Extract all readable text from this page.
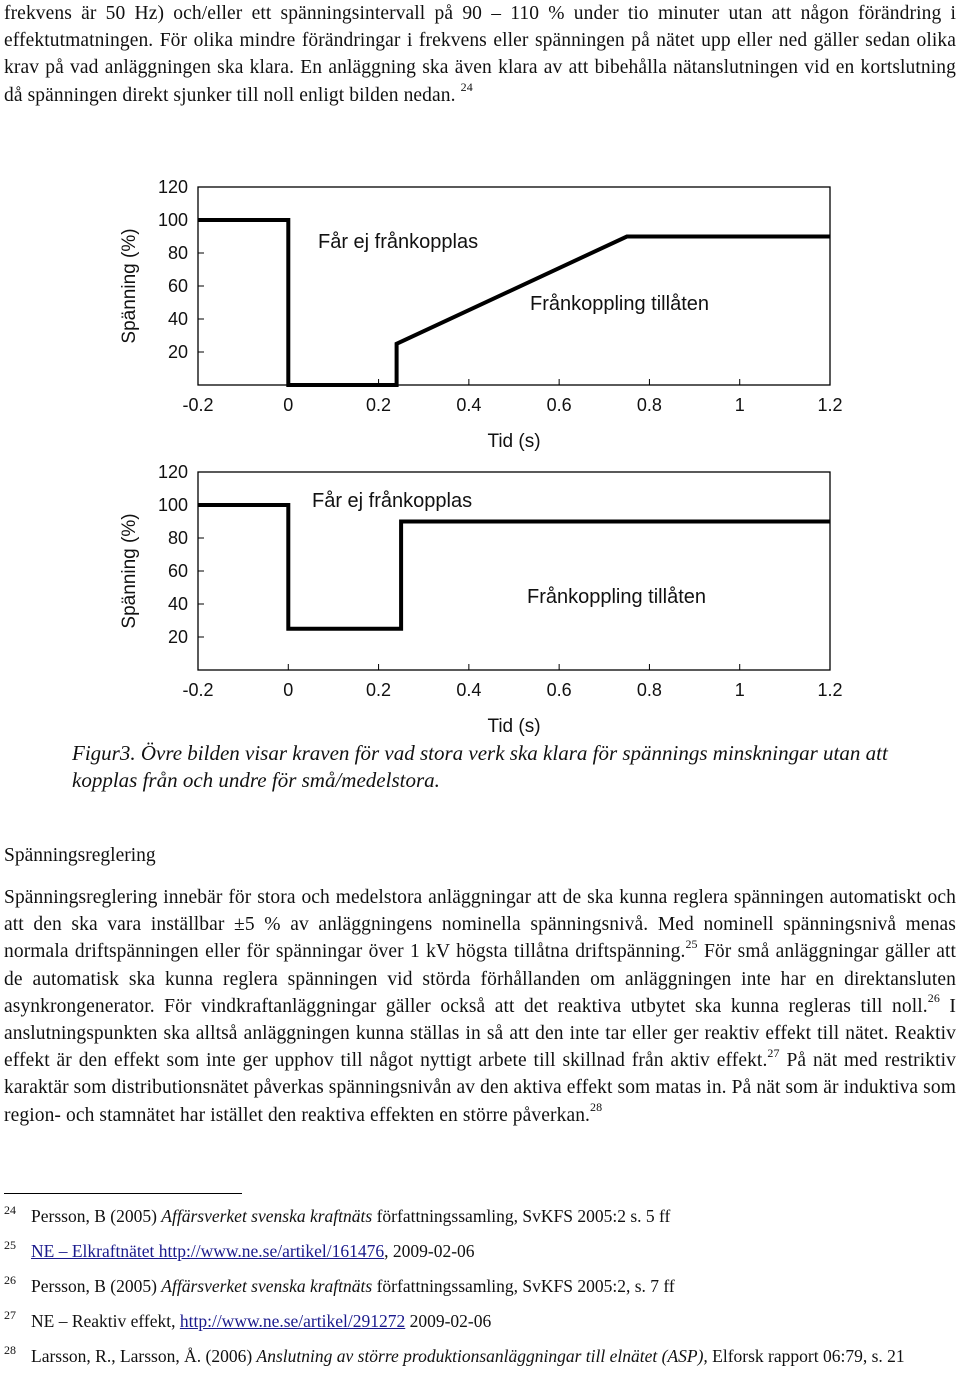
frekvens är 50 Hz) och/eller ett spänningsintervall på 90 – 110 % under tio minuter utan att någon förändring i effektutmatningen. För olika mindre förändringar i frekvens eller spänningen på nätet upp eller ned gäller sedan olika krav på vad anläggningen ska klara. En anläggning ska även klara av att bibehålla nätanslutningen vid en kortslutning då spänningen direkt sjunker till noll enligt bilden nedan. $^{24}$
-0.2	0	0.2	0.4	0.6	0.8	1	1.2
120
100
80
60
40
20
Tid (s)
Spänning (%)	Får ej frånkopplas
Frånkoppling tillåten
-0.2	0	0.2	0.4	0.6	0.8	1	1.2
120
100
80
60
40
20
Tid (s)
Spänning (%)
Får ej frånkopplas
Frånkoppling tillåten
Figur3. Övre bilden visar kraven för vad stora verk ska klara för spännings minskningar utan att kopplas från och undre för små/medelstora.
Spänningsreglering
Spänningsreglering innebär för stora och medelstora anläggningar att de ska kunna reglera spänningen automatiskt och att den ska vara inställbar ±5 % av anläggningens nominella spänningsnivå. Med nominell spänningsnivå menas normala driftspänningen eller för spänningar över 1 kV högsta tillåtna driftspänning.$^{25}$ För små anläggningar gäller att de automatisk ska kunna reglera spänningen vid störda förhållanden om anläggningen inte har en direktansluten asynkrongenerator. För vindkraftanläggningar gäller också att det reaktiva utbytet ska kunna regleras till noll.$^{26}$ I anslutningspunkten ska alltså anläggningen kunna ställas in så att den inte tar eller ger reaktiv effekt till nätet. Reaktiv effekt är den effekt som inte ger upphov till något nyttigt arbete till skillnad från aktiv effekt.$^{27}$ På nät med restriktiv karaktär som distributionsnätet påverkas spänningsnivån av den aktiva effekt som matas in. På nät som är induktiva som region- och stamnätet har istället den reaktiva effekten en större påverkan.$^{28}$
24 Persson, B (2005) Affärsverket svenska kraftnäts författningssamling, SvKFS 2005:2 s. 5 ff
25 NE – Elkraftnätet http://www.ne.se/artikel/161476, 2009-02-06
26 Persson, B (2005) Affärsverket svenska kraftnäts författningssamling, SvKFS 2005:2, s. 7 ff
27 NE – Reaktiv effekt, http://www.ne.se/artikel/291272 2009-02-06
28 Larsson, R., Larsson, Å. (2006) Anslutning av större produktionsanläggningar till elnätet (ASP), Elforsk rapport 06:79, s. 21
